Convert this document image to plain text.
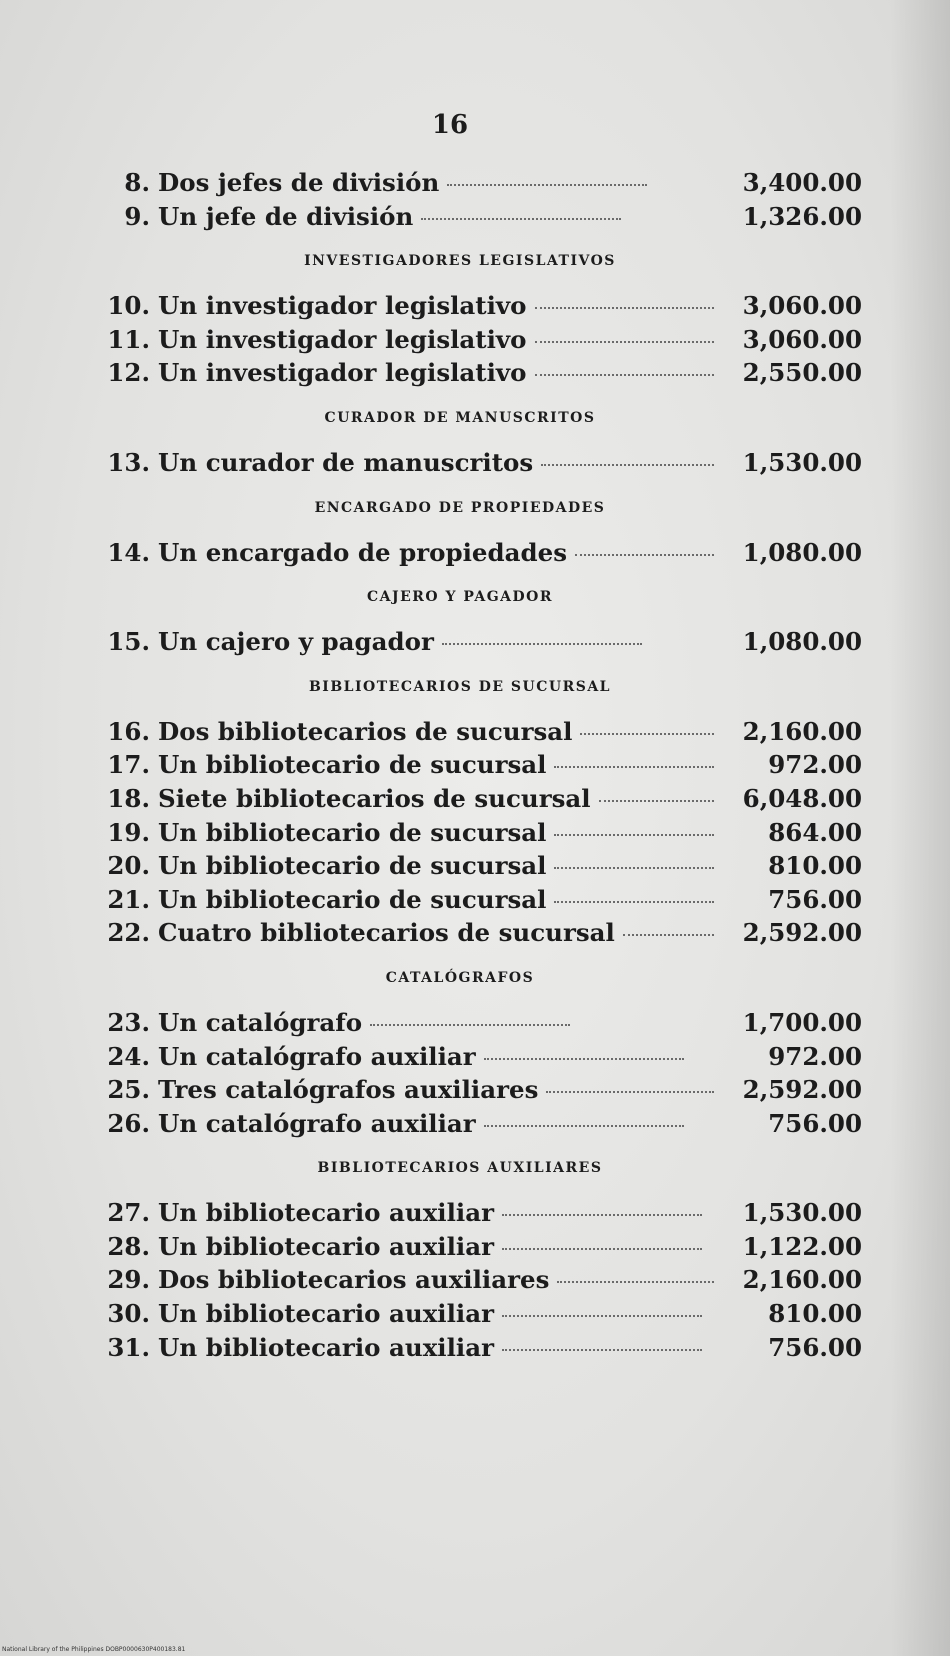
16
8. Dos jefes de división	3,400.00
9. Un jefe de división	1,326.00
INVESTIGADORES LEGISLATIVOS
10. Un investigador legislativo	3,060.00
11. Un investigador legislativo	3,060.00
12. Un investigador legislativo	2,550.00
CURADOR DE MANUSCRITOS
13. Un curador de manuscritos	1,530.00
ENCARGADO DE PROPIEDADES
14. Un encargado de propiedades	1,080.00
CAJERO Y PAGADOR
15. Un cajero y pagador	1,080.00
BIBLIOTECARIOS DE SUCURSAL
16. Dos bibliotecarios de sucursal	2,160.00
17. Un bibliotecario de sucursal	972.00
18. Siete bibliotecarios de sucursal	6,048.00
19. Un bibliotecario de sucursal	864.00
20. Un bibliotecario de sucursal	810.00
21. Un bibliotecario de sucursal	756.00
22. Cuatro bibliotecarios de sucursal	2,592.00
CATALÓGRAFOS
23. Un catalógrafo	1,700.00
24. Un catalógrafo auxiliar	972.00
25. Tres catalógrafos auxiliares	2,592.00
26. Un catalógrafo auxiliar	756.00
BIBLIOTECARIOS AUXILIARES
27. Un bibliotecario auxiliar	1,530.00
28. Un bibliotecario auxiliar	1,122.00
29. Dos bibliotecarios auxiliares	2,160.00
30. Un bibliotecario auxiliar	810.00
31. Un bibliotecario auxiliar	756.00
National Library of the Philippines DOBP0000630P400183.81
